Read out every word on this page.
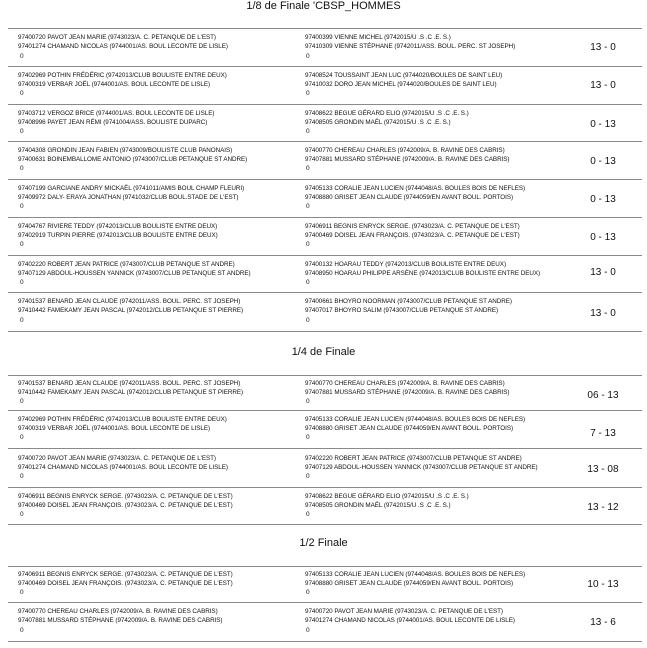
1/8 de Finale 'CBSP_HOMMES
97400720 PAVOT JEAN MARIE (9743023/A. C. PETANQUE DE L'EST)
97401274 CHAMAND NICOLAS (9744001/AS. BOUL LECONTE DE LISLE)
0
97400399 VIENNE MICHEL (9742015/U .S .C .E. S.)
97410309 VIENNE STÉPHANE (9742011/ASS. BOUL. PERC. ST JOSEPH)
0
13 - 0
97402969 POTHIN FRÉDÉRIC (9742013/CLUB BOULISTE ENTRE DEUX)
97400319 VERBAR JOËL (9744001/AS. BOUL LECONTE DE LISLE)
0
97408524 TOUSSAINT JEAN LUC (9744020/BOULES DE SAINT LEU)
97410032 DORO JEAN MICHEL (9744020/BOULES DE SAINT LEU)
0
13 - 0
97403712 VERGOZ BRICE (9744001/AS. BOUL LECONTE DE LISLE)
97408996 PAYET JEAN RÉMI (9741004/ASS. BOULISTE DUPARC)
0
97408622 BEGUE GÉRARD ELIO (9742015/U .S .C .E. S.)
97408505 GRONDIN MAËL (9742015/U .S .C .E. S.)
0
0 - 13
97404308 GRONDIN JEAN FABIEN (9743009/BOULISTE CLUB PANONAIS)
97400631 BOINEMBALLOME ANTONIO (9743007/CLUB PETANQUE ST ANDRE)
0
97400770 CHEREAU CHARLES (9742009/A. B. RAVINE DES CABRIS)
97407881 MUSSARD STÉPHANE (9742009/A. B. RAVINE DES CABRIS)
0
0 - 13
97407199 GARCIANE ANDRY MICKAËL (9741011/AMIS BOUL CHAMP FLEURI)
97409972 DALY- ERAYA JONATHAN (9741032/CLUB BOUL.STADE DE L'EST)
0
97405133 CORALIE JEAN LUCIEN (9744048/AS. BOULES BOIS DE NEFLES)
97408880 GRISET JEAN CLAUDE (9744059/EN AVANT BOUL. PORTOIS)
0
0 - 13
97404767 RIVIERE TEDDY (9742013/CLUB BOULISTE ENTRE DEUX)
97402919 TURPIN PIERRE (9742013/CLUB BOULISTE ENTRE DEUX)
0
97406911 BEGNIS ENRYCK SERGE. (9743023/A. C. PETANQUE DE L'EST)
97400469 DOISEL JEAN FRANÇOIS. (9743023/A. C. PETANQUE DE L'EST)
0
0 - 13
97402220 ROBERT JEAN PATRICE (9743007/CLUB PETANQUE ST ANDRE)
97407129 ABDOUL-HOUSSEN YANNICK (9743007/CLUB PETANQUE ST ANDRE)
0
97400132 HOARAU TEDDY (9742013/CLUB BOULISTE ENTRE DEUX)
97408950 HOARAU PHILIPPE ARSÈNE (9742013/CLUB BOULISTE ENTRE DEUX)
0
13 - 0
97401537 BENARD JEAN CLAUDE (9742011/ASS. BOUL. PERC. ST JOSEPH)
97410442 FAMEKAMY JEAN PASCAL (9742012/CLUB PETANQUE ST PIERRE)
0
97400661 BHOYRO NOORMAN (9743007/CLUB PETANQUE ST ANDRE)
97407017 BHOYRO SALIM (9743007/CLUB PETANQUE ST ANDRE)
0
13 - 0
1/4 de Finale
97401537 BENARD JEAN CLAUDE (9742011/ASS. BOUL. PERC. ST JOSEPH)
97410442 FAMEKAMY JEAN PASCAL (9742012/CLUB PETANQUE ST PIERRE)
0
97400770 CHEREAU CHARLES (9742009/A. B. RAVINE DES CABRIS)
97407881 MUSSARD STÉPHANE (9742009/A. B. RAVINE DES CABRIS)
0
06 - 13
97402969 POTHIN FRÉDÉRIC (9742013/CLUB BOULISTE ENTRE DEUX)
97400319 VERBAR JOËL (9744001/AS. BOUL LECONTE DE LISLE)
0
97405133 CORALIE JEAN LUCIEN (9744048/AS. BOULES BOIS DE NEFLES)
97408880 GRISET JEAN CLAUDE (9744059/EN AVANT BOUL. PORTOIS)
0	7 - 13
97400720 PAVOT JEAN MARIE (9743023/A. C. PETANQUE DE L'EST)
97401274 CHAMAND NICOLAS (9744001/AS. BOUL LECONTE DE LISLE)
0
97402220 ROBERT JEAN PATRICE (9743007/CLUB PETANQUE ST ANDRE)
97407129 ABDOUL-HOUSSEN YANNICK (9743007/CLUB PETANQUE ST ANDRE)
0
13 - 08
97406911 BEGNIS ENRYCK SERGE. (9743023/A. C. PETANQUE DE L'EST)
97400469 DOISEL JEAN FRANÇOIS. (9743023/A. C. PETANQUE DE L'EST)
0
97408622 BEGUE GÉRARD ELIO (9742015/U .S .C .E. S.)
97408505 GRONDIN MAËL (9742015/U .S .C .E. S.)
0
13 - 12
1/2 Finale
97406911 BEGNIS ENRYCK SERGE. (9743023/A. C. PETANQUE DE L'EST)
97400469 DOISEL JEAN FRANÇOIS. (9743023/A. C. PETANQUE DE L'EST)
0
97405133 CORALIE JEAN LUCIEN (9744048/AS. BOULES BOIS DE NEFLES)
97408880 GRISET JEAN CLAUDE (9744059/EN AVANT BOUL. PORTOIS)
0
10 - 13
97400770 CHEREAU CHARLES (9742009/A. B. RAVINE DES CABRIS)
97407881 MUSSARD STÉPHANE (9742009/A. B. RAVINE DES CABRIS)
0
97400720 PAVOT JEAN MARIE (9743023/A. C. PETANQUE DE L'EST)
97401274 CHAMAND NICOLAS (9744001/AS. BOUL LECONTE DE LISLE)
0
13 - 6
